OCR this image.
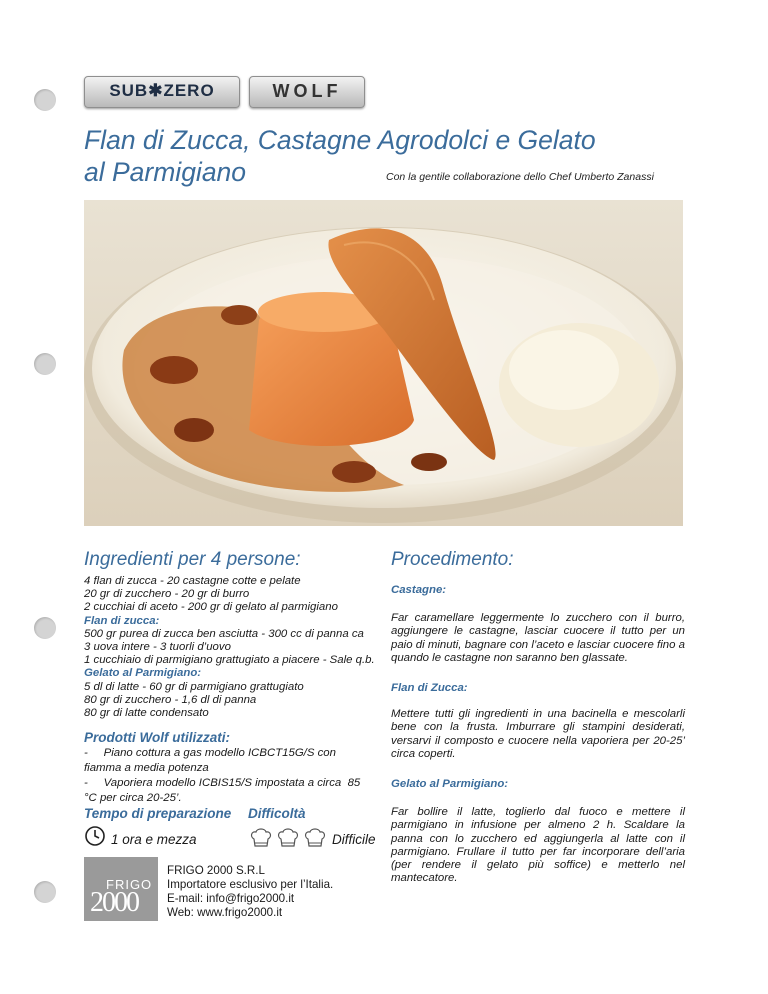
SUB✱ZERO	WOLF
Flan di Zucca, Castagne Agrodolci e Gelato
al Parmigiano	Con la gentile collaborazione dello Chef Umberto Zanassi
Ingredienti per 4 persone:
4 flan di zucca - 20 castagne cotte e pelate
20 gr di zucchero - 20 gr di burro
2 cucchiai di aceto - 200 gr di gelato al parmigiano
Flan di zucca:
500 gr purea di zucca ben asciutta - 300 cc di panna ca
3 uova intere - 3 tuorli d’uovo
1 cucchiaio di parmigiano grattugiato a piacere - Sale q.b.
Gelato al Parmigiano:
5 dl di latte - 60 gr di parmigiano grattugiato
80 gr di zucchero - 1,6 dl di panna
80 gr di latte condensato
Prodotti Wolf utilizzati:
-     Piano cottura a gas modello ICBCT15G/S con
fiamma a media potenza
-     Vaporiera modello ICBIS15/S impostata a circa  85
°C per circa 20-25’.
Tempo di preparazione Difficoltà
1 ora e mezza	Difficile
FRIGO
2000
FRIGO 2000 S.R.L
Importatore esclusivo per l’Italia.
E-mail: info@frigo2000.it
Web: www.frigo2000.it
Procedimento:
Castagne:

Far caramellare leggermente lo zucchero con il burro, aggiungere le castagne, lasciar cuocere il tutto per un paio di minuti, bagnare con l’aceto e lasciar cuocere fino a quando le castagne non saranno ben glassate.

Flan di Zucca:

Mettere tutti gli ingredienti in una bacinella e mescolarli bene con la frusta. Imburrare gli stampini desiderati, versarvi il composto e cuocere nella vaporiera per 20-25’ circa coperti.

Gelato al Parmigiano:

Far bollire il latte, toglierlo dal fuoco e mettere il parmigiano in infusione per almeno 2 h. Scaldare la panna con lo zucchero ed aggiungerla al latte con il parmigiano. Frullare il tutto per far incorporare dell’aria (per rendere il gelato più soffice) e metterlo nel mantecatore.
